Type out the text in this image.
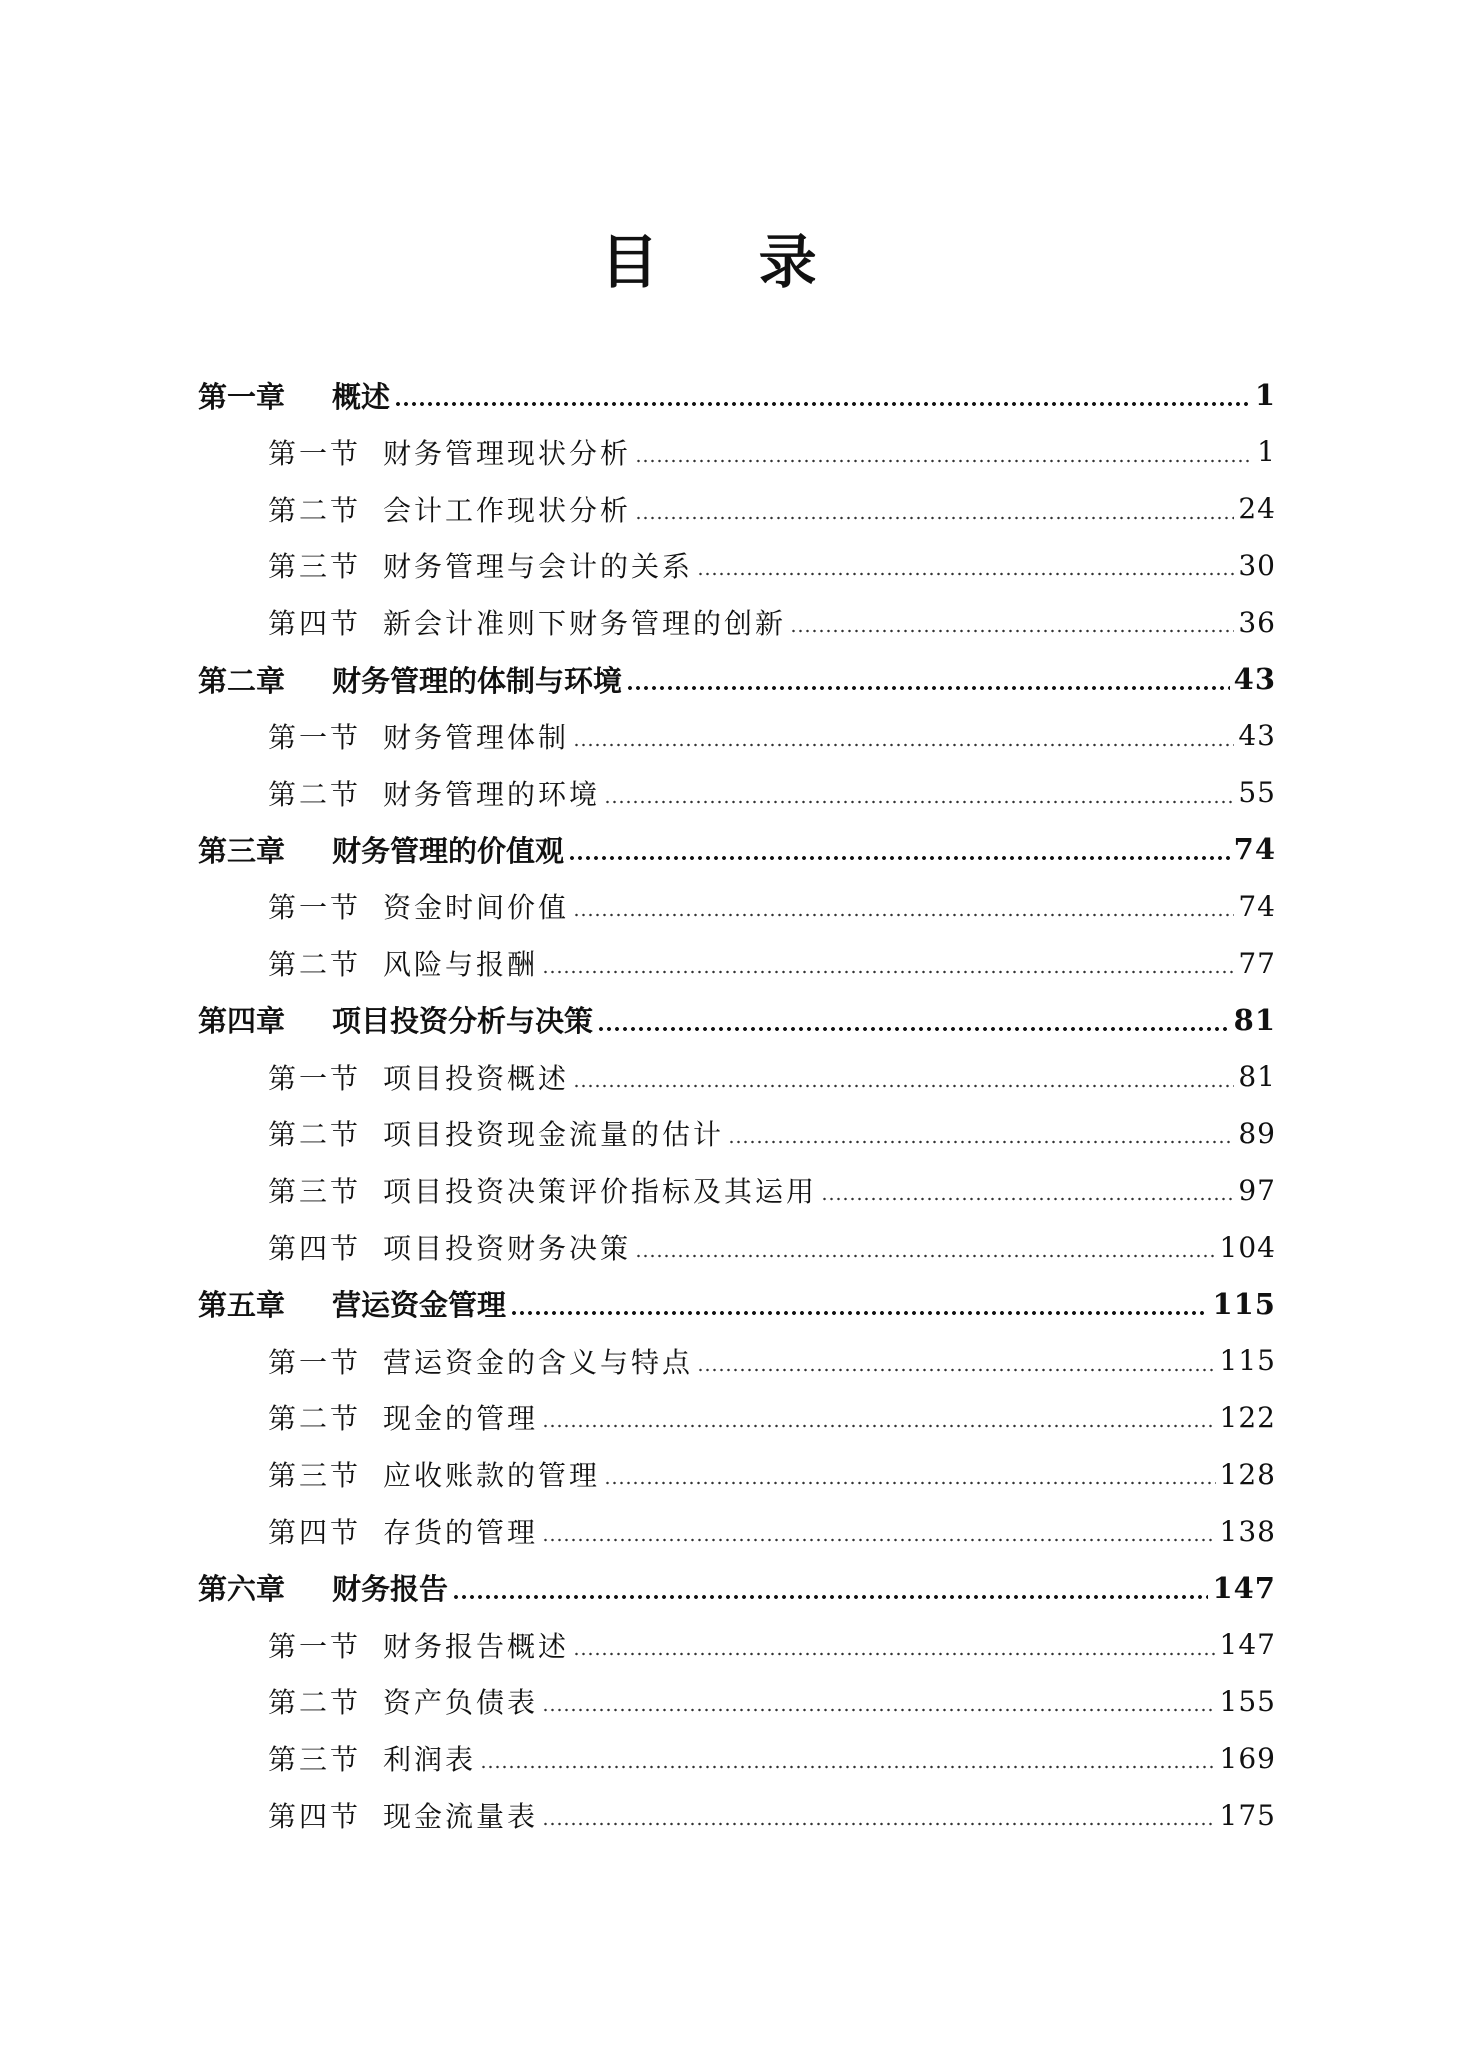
目 录
第一章	概述	1
第一节 财务管理现状分析	1
第二节 会计工作现状分析	24
第三节 财务管理与会计的关系	30
第四节 新会计准则下财务管理的创新	36
第二章	财务管理的体制与环境	43
第一节 财务管理体制	43
第二节 财务管理的环境	55
第三章	财务管理的价值观	74
第一节 资金时间价值	74
第二节 风险与报酬	77
第四章	项目投资分析与决策	81
第一节 项目投资概述	81
第二节 项目投资现金流量的估计	89
第三节 项目投资决策评价指标及其运用	97
第四节 项目投资财务决策	104
第五章	营运资金管理	115
第一节 营运资金的含义与特点	115
第二节 现金的管理	122
第三节 应收账款的管理	128
第四节 存货的管理	138
第六章	财务报告	147
第一节 财务报告概述	147
第二节 资产负债表	155
第三节 利润表	169
第四节 现金流量表	175
